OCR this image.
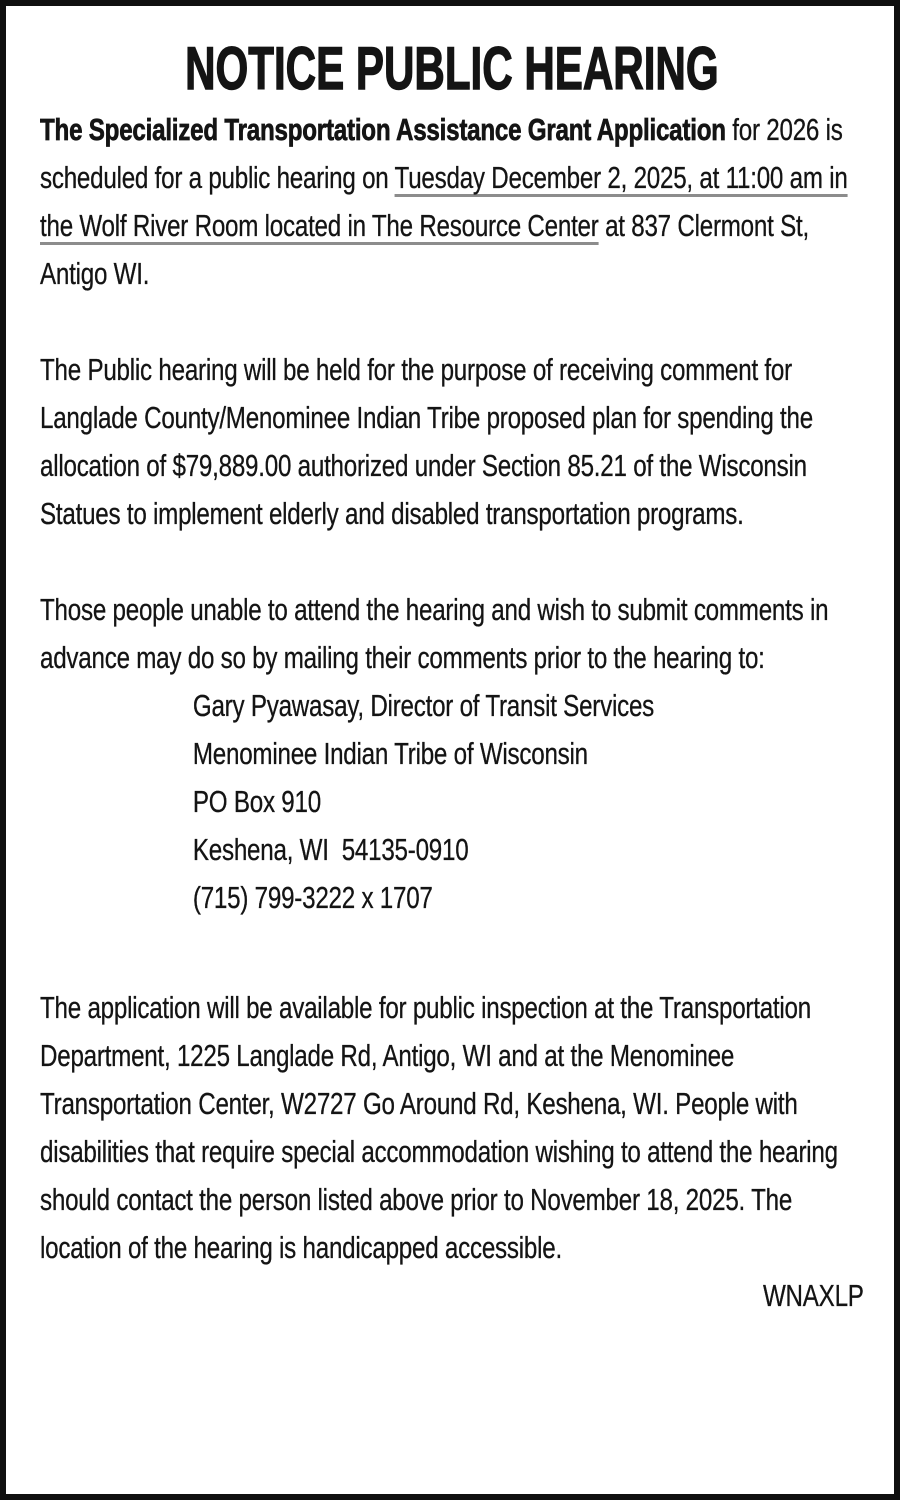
NOTICE PUBLIC HEARING

The Specialized Transportation Assistance Grant Application for 2026 is scheduled for a public hearing on Tuesday December 2, 2025, at 11:00 am in the Wolf River Room located in The Resource Center at 837 Clermont St, Antigo WI.

The Public hearing will be held for the purpose of receiving comment for Langlade County/Menominee Indian Tribe proposed plan for spending the allocation of $79,889.00 authorized under Section 85.21 of the Wisconsin Statues to implement elderly and disabled transportation programs.

Those people unable to attend the hearing and wish to submit comments in advance may do so by mailing their comments prior to the hearing to:

Gary Pyawasay, Director of Transit Services
Menominee Indian Tribe of Wisconsin
PO Box 910
Keshena, WI  54135-0910
(715) 799-3222 x 1707

The application will be available for public inspection at the Transportation Department, 1225 Langlade Rd, Antigo, WI and at the Menominee Transportation Center, W2727 Go Around Rd, Keshena, WI. People with disabilities that require special accommodation wishing to attend the hearing should contact the person listed above prior to November 18, 2025. The location of the hearing is handicapped accessible.

WNAXLP
